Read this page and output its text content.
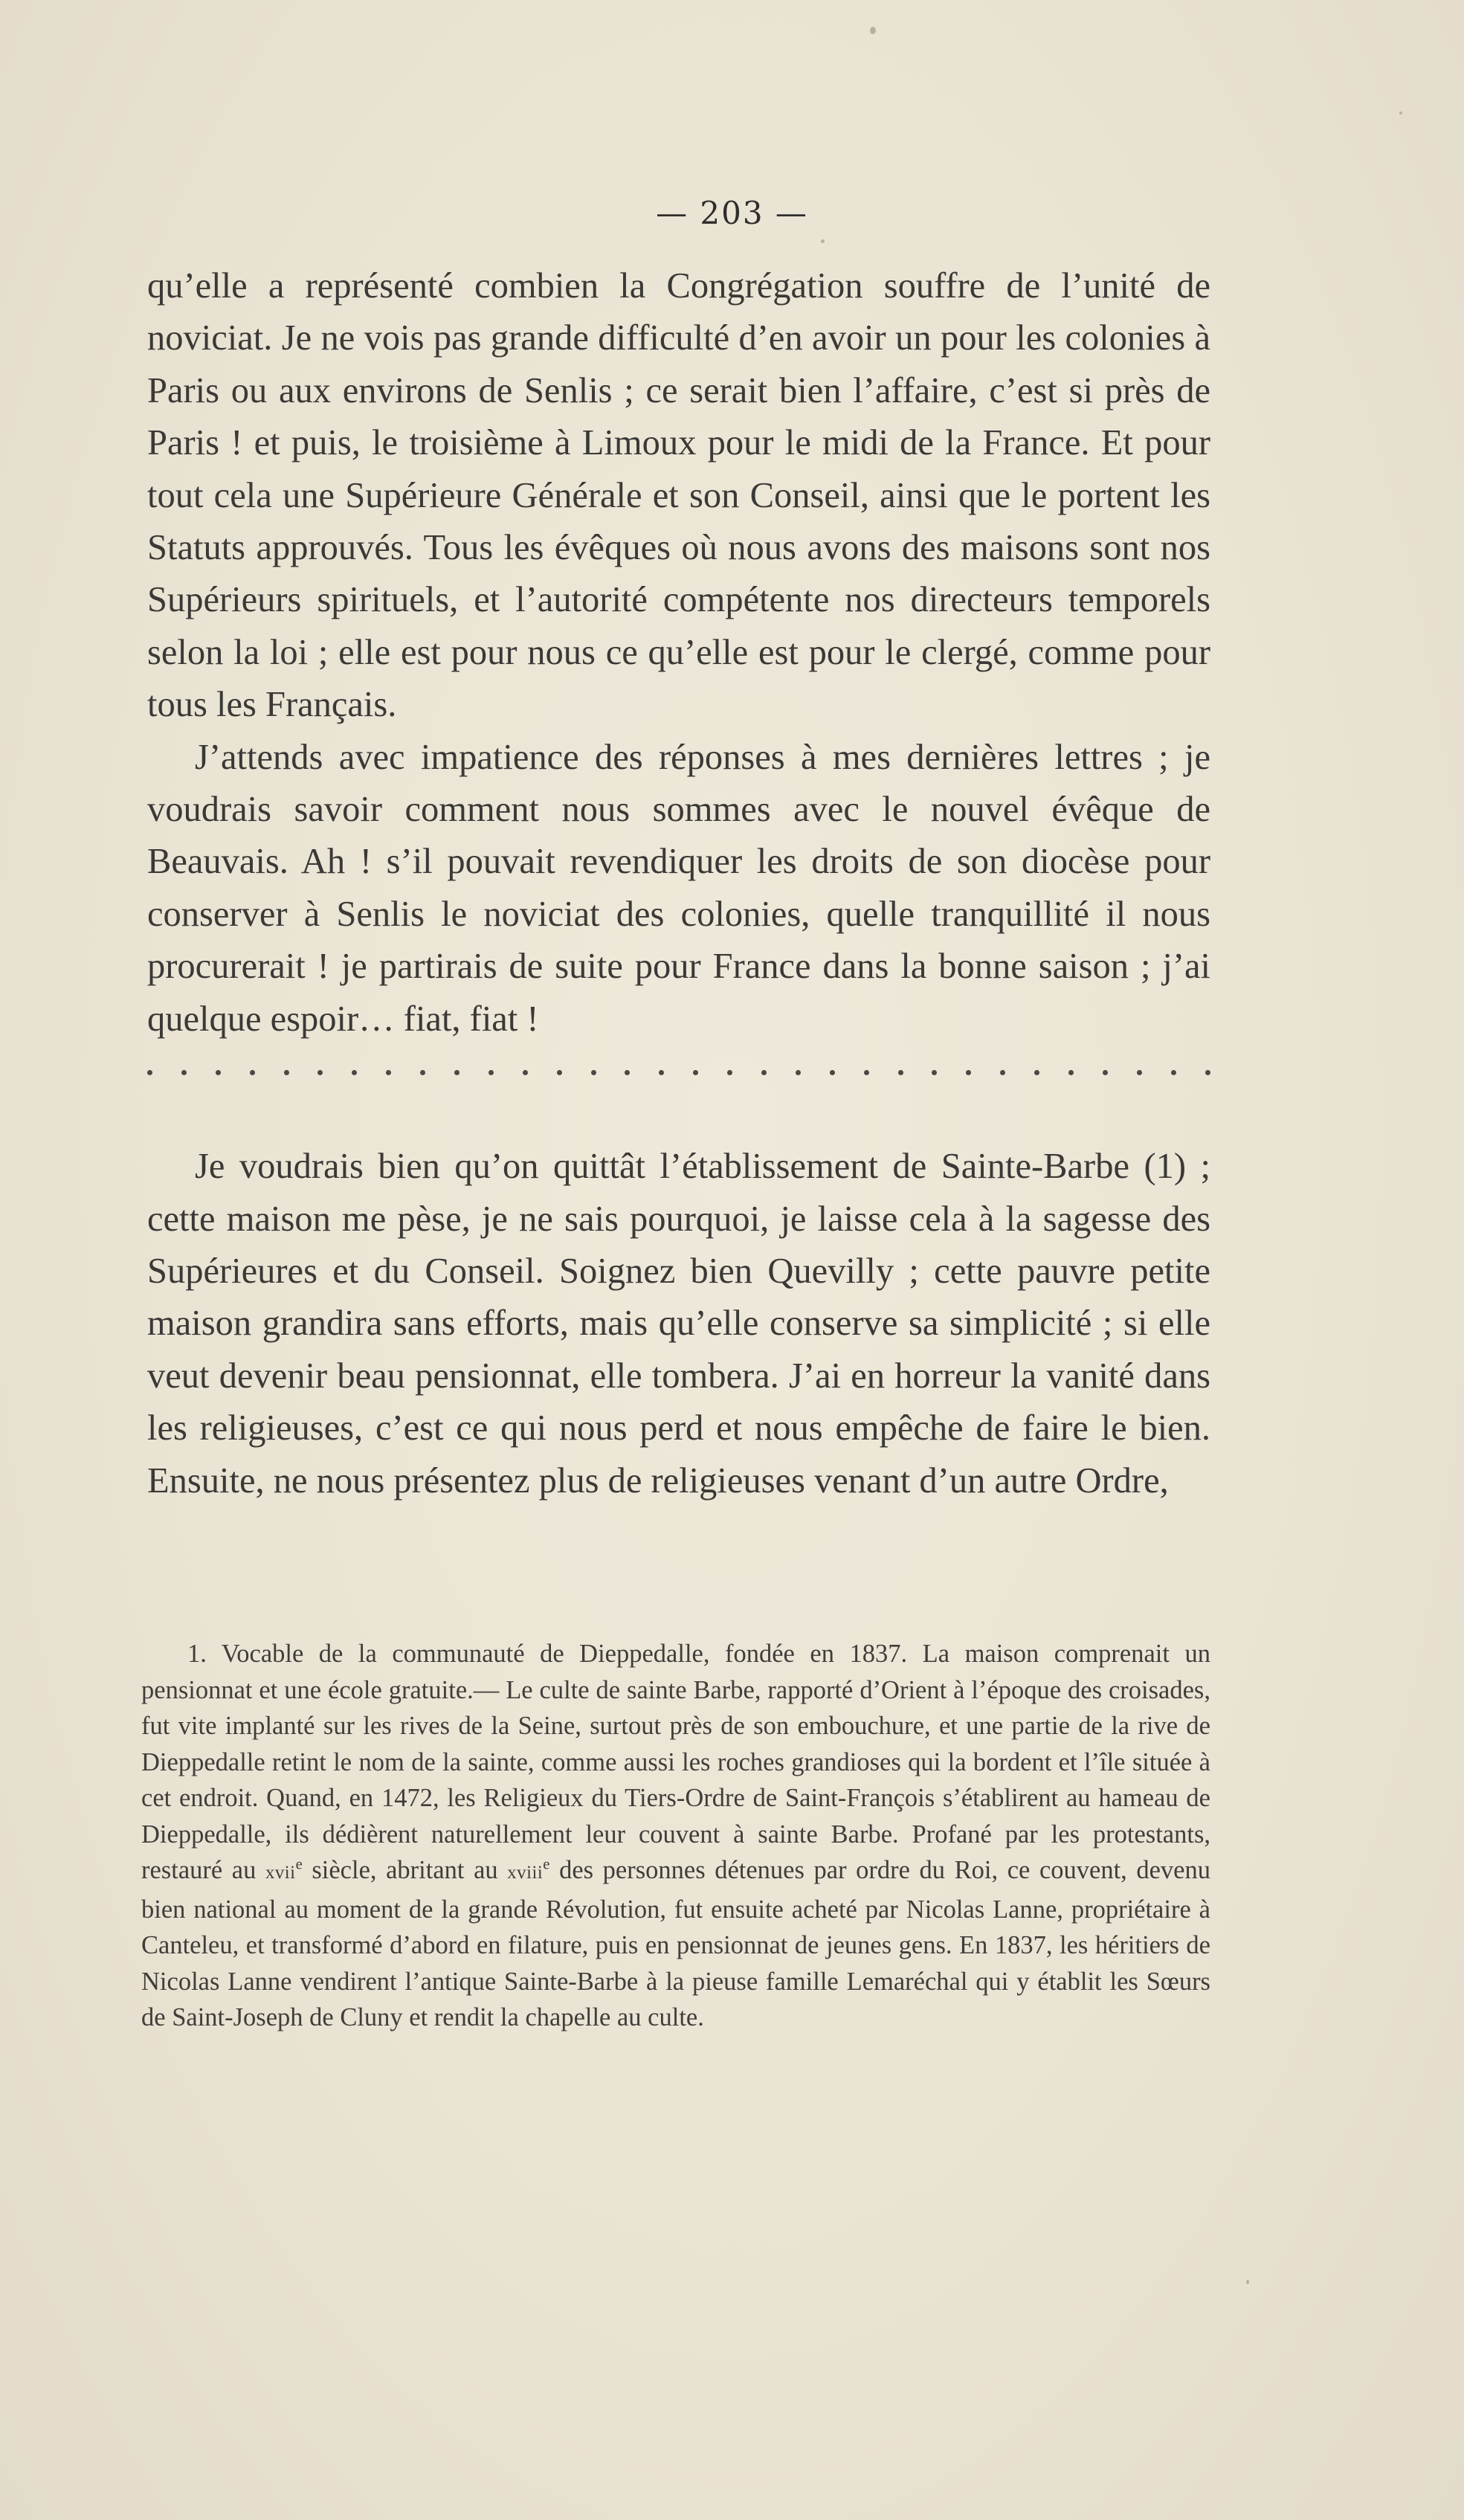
— 203 —

qu’elle a représenté combien la Congrégation souffre de l’unité de noviciat. Je ne vois pas grande difficulté d’en avoir un pour les colonies à Paris ou aux environs de Senlis ; ce serait bien l’affaire, c’est si près de Paris ! et puis, le troisième à Limoux pour le midi de la France. Et pour tout cela une Supérieure Générale et son Conseil, ainsi que le portent les Statuts approuvés. Tous les évêques où nous avons des maisons sont nos Supérieurs spirituels, et l’autorité compétente nos directeurs temporels selon la loi ; elle est pour nous ce qu’elle est pour le clergé, comme pour tous les Français.

J’attends avec impatience des réponses à mes dernières lettres ; je voudrais savoir comment nous sommes avec le nouvel évêque de Beauvais. Ah ! s’il pouvait revendiquer les droits de son diocèse pour conserver à Senlis le noviciat des colonies, quelle tranquillité il nous procurerait ! je partirais de suite pour France dans la bonne saison ; j’ai quelque espoir… fiat, fiat !

Je voudrais bien qu’on quittât l’établissement de Sainte-Barbe (1) ; cette maison me pèse, je ne sais pourquoi, je laisse cela à la sagesse des Supérieures et du Conseil. Soignez bien Quevilly ; cette pauvre petite maison grandira sans efforts, mais qu’elle conserve sa simplicité ; si elle veut devenir beau pensionnat, elle tombera. J’ai en horreur la vanité dans les religieuses, c’est ce qui nous perd et nous empêche de faire le bien. Ensuite, ne nous présentez plus de religieuses venant d’un autre Ordre,

1. Vocable de la communauté de Dieppedalle, fondée en 1837. La maison comprenait un pensionnat et une école gratuite.— Le culte de sainte Barbe, rapporté d’Orient à l’époque des croisades, fut vite implanté sur les rives de la Seine, surtout près de son embouchure, et une partie de la rive de Dieppedalle retint le nom de la sainte, comme aussi les roches grandioses qui la bordent et l’île située à cet endroit. Quand, en 1472, les Religieux du Tiers-Ordre de Saint-François s’établirent au hameau de Dieppedalle, ils dédièrent naturellement leur couvent à sainte Barbe. Profané par les protestants, restauré au xvii$^e$ siècle, abritant au xviii$^e$ des personnes détenues par ordre du Roi, ce couvent, devenu bien national au moment de la grande Révolution, fut ensuite acheté par Nicolas Lanne, propriétaire à Canteleu, et transformé d’abord en filature, puis en pensionnat de jeunes gens. En 1837, les héritiers de Nicolas Lanne vendirent l’antique Sainte-Barbe à la pieuse famille Lemaréchal qui y établit les Sœurs de Saint-Joseph de Cluny et rendit la chapelle au culte.
